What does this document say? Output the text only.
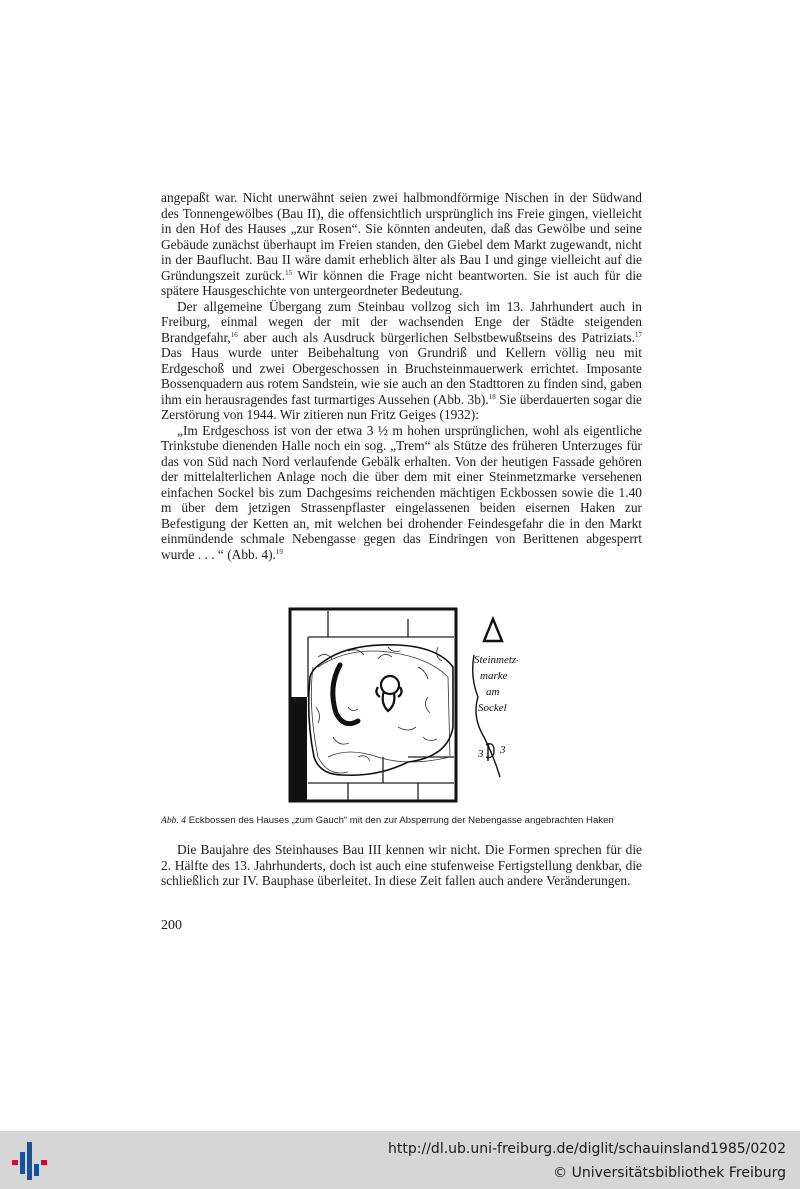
angepaßt war. Nicht unerwähnt seien zwei halbmondförmige Nischen in der Südwand des Tonnengewölbes (Bau II), die offensichtlich ursprünglich ins Freie gingen, vielleicht in den Hof des Hauses „zur Rosen“. Sie könnten andeuten, daß das Gewölbe und seine Gebäude zunächst überhaupt im Freien standen, den Giebel dem Markt zugewandt, nicht in der Bauflucht. Bau II wäre damit erheblich älter als Bau I und ginge vielleicht auf die Gründungszeit zurück.$^{15}$ Wir können die Frage nicht beantworten. Sie ist auch für die spätere Hausgeschichte von untergeordneter Bedeutung.

Der allgemeine Übergang zum Steinbau vollzog sich im 13. Jahrhundert auch in Freiburg, einmal wegen der mit der wachsenden Enge der Städte steigenden Brandgefahr,$^{16}$ aber auch als Ausdruck bürgerlichen Selbstbewußtseins des Patriziats.$^{17}$ Das Haus wurde unter Beibehaltung von Grundriß und Kellern völlig neu mit Erdgeschoß und zwei Obergeschossen in Bruchsteinmauerwerk errichtet. Imposante Bossenquadern aus rotem Sandstein, wie sie auch an den Stadttoren zu finden sind, gaben ihm ein herausragendes fast turmartiges Aussehen (Abb. 3b).$^{18}$ Sie überdauerten sogar die Zerstörung von 1944. Wir zitieren nun Fritz Geiges (1932):

„Im Erdgeschoss ist von der etwa 3 ½ m hohen ursprünglichen, wohl als eigentliche Trinkstube dienenden Halle noch ein sog. „Trem“ als Stütze des früheren Unterzuges für das von Süd nach Nord verlaufende Gebälk erhalten. Von der heutigen Fassade gehören der mittelalterlichen Anlage noch die über dem mit einer Steinmetzmarke versehenen einfachen Sockel bis zum Dachgesims reichenden mächtigen Eckbossen sowie die 1.40 m über dem jetzigen Strassenpflaster eingelassenen beiden eisernen Haken zur Befestigung der Ketten an, mit welchen bei drohender Feindesgefahr die in den Markt einmündende schmale Nebengasse gegen das Eindringen von Berittenen abgesperrt wurde . . . “ (Abb. 4).$^{19}$

Steinmetz-
marke
am
Sockel
3 3
Abb. 4 Eckbossen des Hauses „zum Gauch“ mit den zur Absperrung der Nebengasse angebrachten Haken

Die Baujahre des Steinhauses Bau III kennen wir nicht. Die Formen sprechen für die 2. Hälfte des 13. Jahrhunderts, doch ist auch eine stufenweise Fertigstellung denkbar, die schließlich zur IV. Bauphase überleitet. In diese Zeit fallen auch andere Veränderungen.

200
http://dl.ub.uni-freiburg.de/diglit/schauinsland1985/0202
© Universitätsbibliothek Freiburg
